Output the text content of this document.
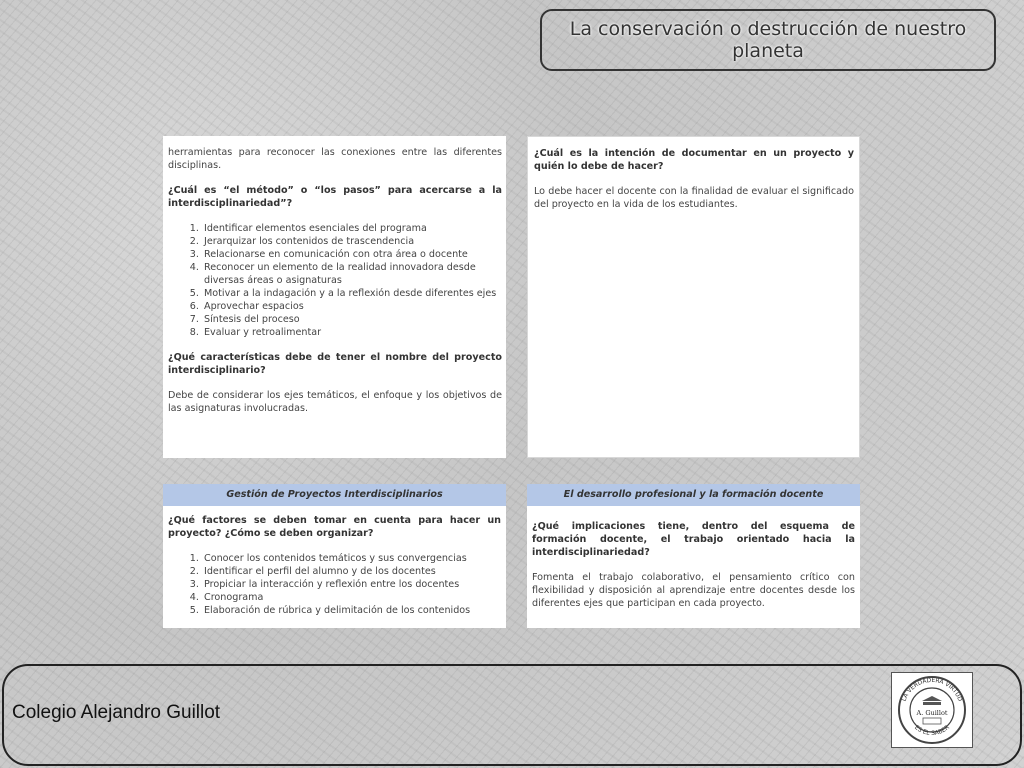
La conservación o destrucción de nuestro
planeta

herramientas para reconocer las conexiones entre las diferentes disciplinas.

¿Cuál es “el método” o “los pasos” para acercarse a la interdisciplinariedad”?

1. Identificar elementos esenciales del programa
2. Jerarquizar los contenidos de trascendencia
3. Relacionarse en comunicación con otra área o docente
4. Reconocer un elemento de la realidad innovadora desde diversas áreas o asignaturas
5. Motivar a la indagación y a la reflexión desde diferentes ejes
6. Aprovechar espacios
7. Síntesis del proceso
8. Evaluar y retroalimentar

¿Qué características debe de tener el nombre del proyecto interdisciplinario?

Debe de considerar los ejes temáticos, el enfoque y los objetivos de las asignaturas involucradas.

¿Cuál es la intención de documentar en un proyecto y quién lo debe de hacer?

Lo debe hacer el docente con la finalidad de evaluar el significado del proyecto en la vida de los estudiantes.

Gestión de Proyectos Interdisciplinarios

¿Qué factores se deben tomar en cuenta para hacer un proyecto? ¿Cómo se deben organizar?

1. Conocer los contenidos temáticos y sus convergencias
2. Identificar el perfil del alumno y de los docentes
3. Propiciar la interacción y reflexión entre los docentes
4. Cronograma
5. Elaboración de rúbrica y delimitación de los contenidos
El desarrollo profesional y la formación docente

¿Qué implicaciones tiene, dentro del esquema de formación docente, el trabajo orientado hacia la interdisciplinariedad?

Fomenta el trabajo colaborativo, el pensamiento crítico con flexibilidad y disposición al aprendizaje entre docentes desde los diferentes ejes que participan en cada proyecto.

Colegio Alejandro Guillot
LA VERDADERA VIRTUD
ES EL SABER
A. Guillot
